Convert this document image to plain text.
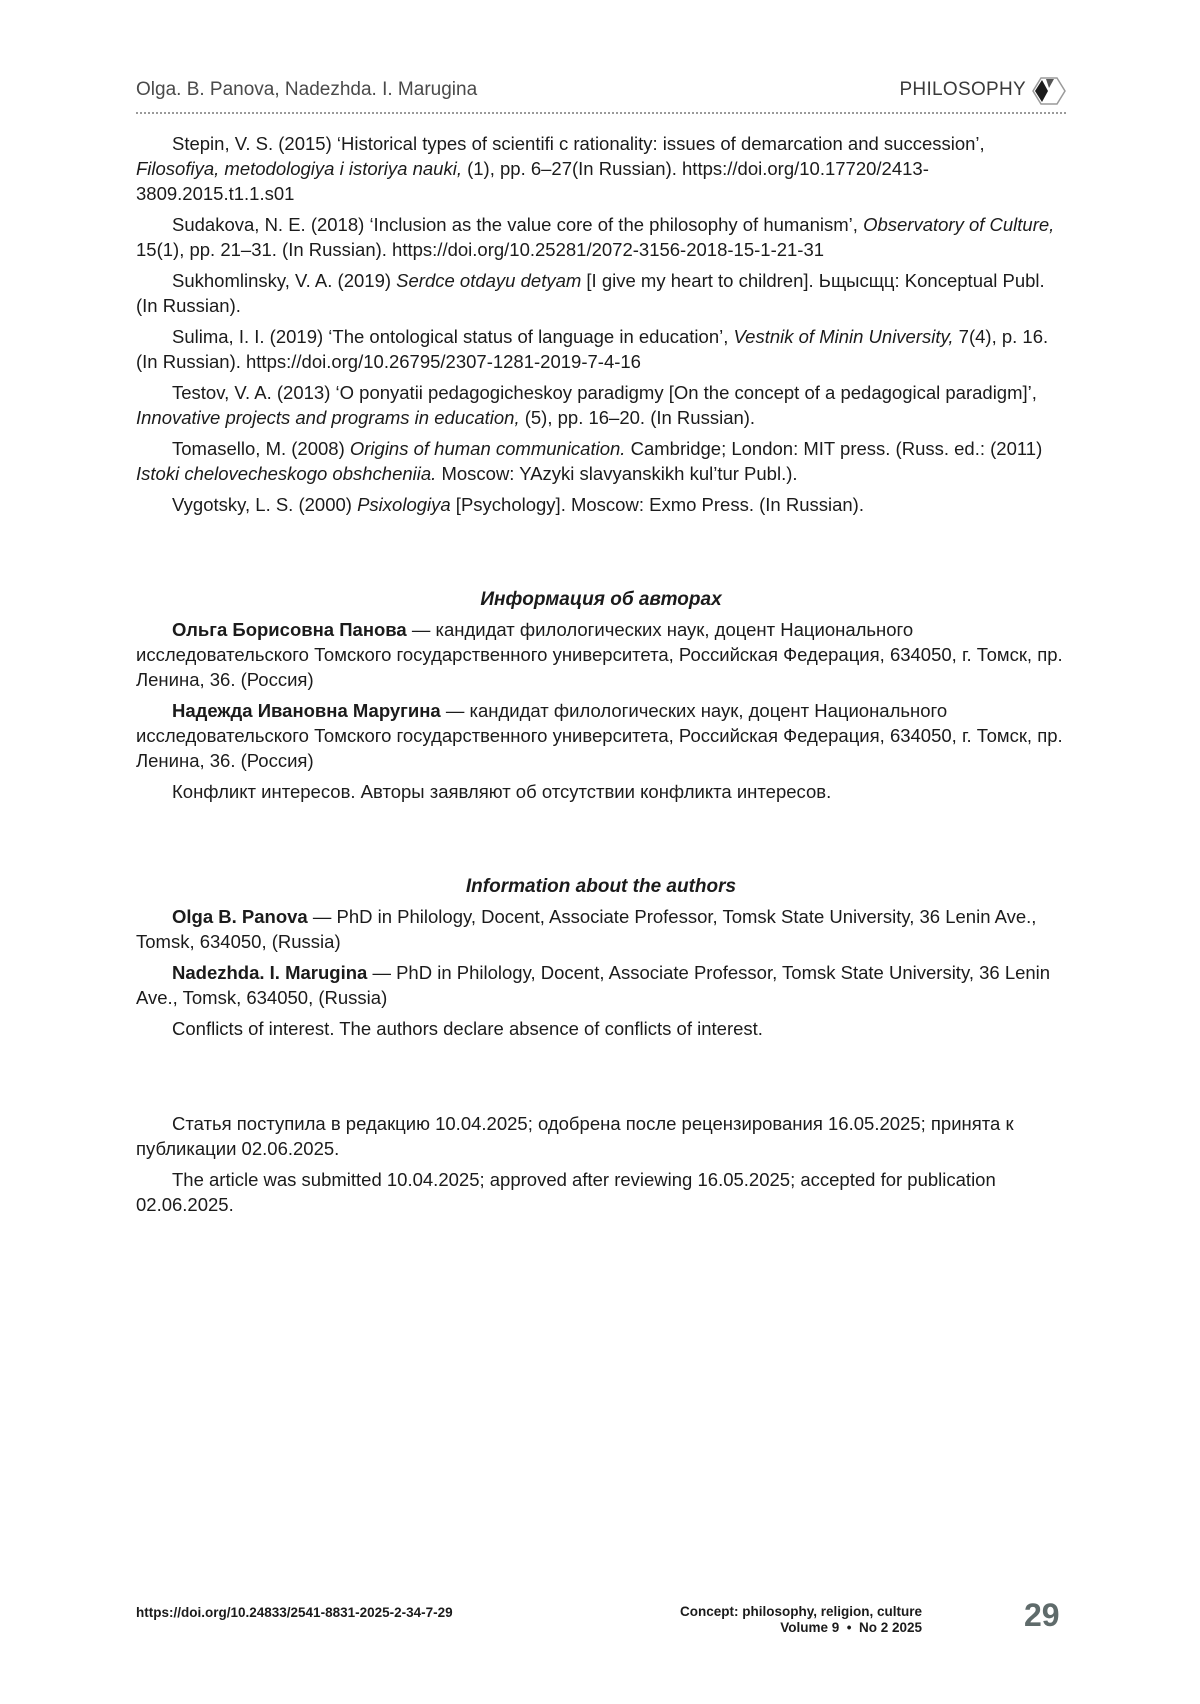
Olga. B. Panova, Nadezhda. I. Marugina	PHILOSOPHY

Stepin, V. S. (2015) ‘Historical types of scientifi c rationality: issues of demarcation and succession’, Filosofiya, metodologiya i istoriya nauki, (1), pp. 6–27(In Russian). https://doi.org/10.17720/2413-3809.2015.t1.1.s01

Sudakova, N. E. (2018) ‘Inclusion as the value core of the philosophy of humanism’, Observatory of Culture, 15(1), pp. 21–31. (In Russian). https://doi.org/10.25281/2072-3156-2018-15-1-21-31

Sukhomlinsky, V. A. (2019) Serdce otdayu detyam [I give my heart to children]. Ьщысщц: Konceptual Publ. (In Russian).

Sulima, I. I. (2019) ‘The ontological status of language in education’, Vestnik of Minin University, 7(4), p. 16. (In Russian). https://doi.org/10.26795/2307-1281-2019-7-4-16

Testov, V. A. (2013) ‘O ponyatii pedagogicheskoy paradigmy [On the concept of a pedagogical paradigm]’, Innovative projects and programs in education, (5), pp. 16–20. (In Russian).

Tomasello, M. (2008) Origins of human communication. Cambridge; London: MIT press. (Russ. ed.: (2011) Istoki chelovecheskogo obshcheniia. Moscow: YAzyki slavyanskikh kul’tur Publ.).

Vygotsky, L. S. (2000) Psixologiya [Psychology]. Moscow: Exmo Press. (In Russian).

Информация об авторах

Ольга Борисовна Панова — кандидат филологических наук, доцент Национального исследовательского Томского государственного университета, Российская Федерация, 634050, г. Томск, пр. Ленина, 36. (Россия)

Надежда Ивановна Маругина — кандидат филологических наук, доцент Национального исследовательского Томского государственного университета, Российская Федерация, 634050, г. Томск, пр. Ленина, 36. (Россия)

Конфликт интересов. Авторы заявляют об отсутствии конфликта интересов.

Information about the authors

Olga B. Panova — PhD in Philology, Docent, Associate Professor, Tomsk State University, 36 Lenin Ave., Tomsk, 634050, (Russia)

Nadezhda. I. Marugina — PhD in Philology, Docent, Associate Professor, Tomsk State University, 36 Lenin Ave., Tomsk, 634050, (Russia)

Conflicts of interest. The authors declare absence of conflicts of interest.

Статья поступила в редакцию 10.04.2025; одобрена после рецензирования 16.05.2025; принята к публикации 02.06.2025.

The article was submitted 10.04.2025; approved after reviewing 16.05.2025; accepted for publication 02.06.2025.

https://doi.org/10.24833/2541-8831-2025-2-34-7-29	Concept: philosophy, religion, culture
Volume 9  •  No 2 2025	29
